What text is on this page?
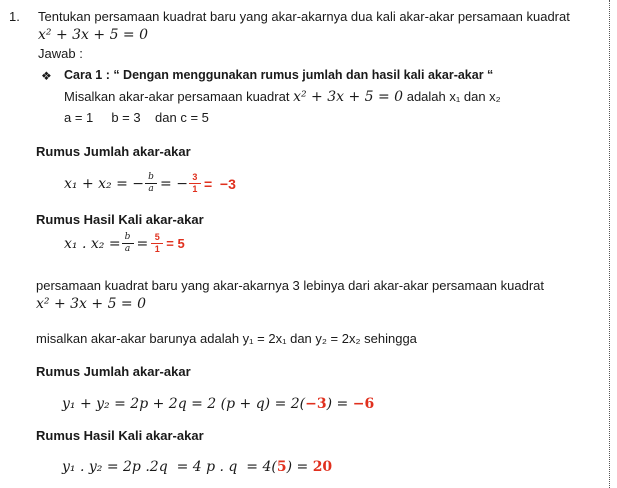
1. Tentukan persamaan kuadrat baru yang akar-akarnya dua kali akar-akar persamaan kuadrat
x² + 3x + 5 = 0
Jawab :
❖ Cara 1 : “ Dengan menggunakan rumus jumlah dan hasil kali akar-akar “
Misalkan akar-akar persamaan kuadrat x² + 3x + 5 = 0 adalah x₁ dan x₂
a = 1     b = 3    dan c = 5
Rumus Jumlah akar-akar
x₁ + x₂ = − $\frac{b}{a}$ = − $\frac{3}{1} = -3$
Rumus Hasil Kali akar-akar
x₁ . $x_2 = \frac{b}{a} = \frac{5}{1} = 5$
persamaan kuadrat baru yang akar-akarnya 3 lebinya dari akar-akar persamaan kuadrat
x² + 3x + 5 = 0
misalkan akar-akar barunya adalah y₁ = 2x₁ dan y₂ = 2x₂ sehingga
Rumus Jumlah akar-akar
y₁ + y₂ = 2p + 2q = 2 (p + q) = 2(−3) = −6
Rumus Hasil Kali akar-akar
y₁ . y₂ = 2p .2q  = 4 p . q  = 4(5) = 20
